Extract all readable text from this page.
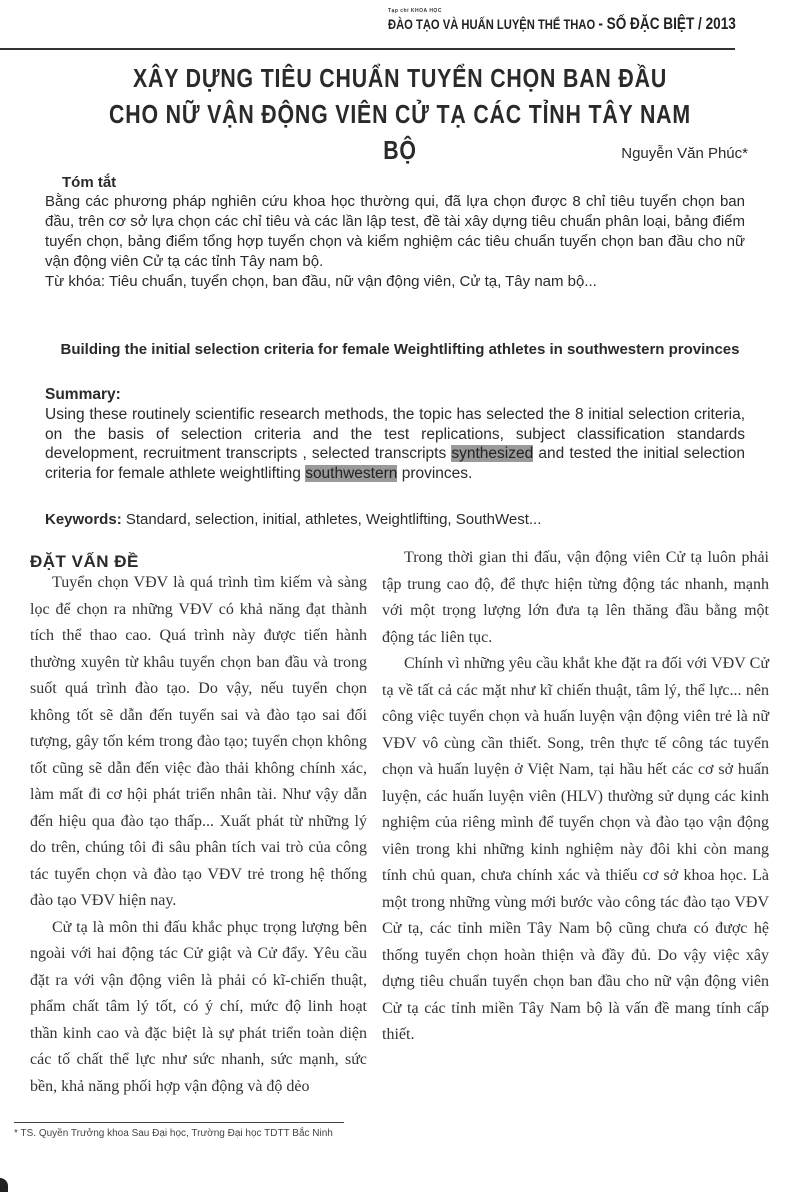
Tạp chí KHOA HỌC
ĐÀO TẠO VÀ HUẤN LUYỆN THỂ THAO - SỐ ĐẶC BIỆT / 2013
XÂY DỰNG TIÊU CHUẨN TUYỂN CHỌN BAN ĐẦU CHO NỮ VẬN ĐỘNG VIÊN CỬ TẠ CÁC TỈNH TÂY NAM BỘ	Nguyễn Văn Phúc*
Tóm tắt
Bằng các phương pháp nghiên cứu khoa học thường qui, đã lựa chọn được 8 chỉ tiêu tuyển chọn ban đầu, trên cơ sở lựa chọn các chỉ tiêu và các lần lập test, đề tài xây dựng tiêu chuẩn phân loại, bảng điểm tuyển chọn, bảng điểm tổng hợp tuyển chọn và kiểm nghiệm các tiêu chuẩn tuyển chọn ban đầu cho nữ vận động viên Cử tạ các tỉnh Tây nam bộ.
Từ khóa: Tiêu chuẩn, tuyển chọn, ban đầu, nữ vận động viên, Cử tạ, Tây nam bộ...
Building the initial selection criteria for female Weightlifting athletes in southwestern provinces
Summary:
Using these routinely scientific research methods, the topic has selected the 8 initial selection criteria, on the basis of selection criteria and the test replications, subject classification standards development, recruitment transcripts , selected transcripts synthesized and tested the initial selection criteria for female athlete weightlifting southwestern provinces.
Keywords: Standard, selection, initial, athletes, Weightlifting, SouthWest...
ĐẶT VẤN ĐỀ

Tuyển chọn VĐV là quá trình tìm kiếm và sàng lọc để chọn ra những VĐV có khả năng đạt thành tích thể thao cao. Quá trình này được tiến hành thường xuyên từ khâu tuyển chọn ban đầu và trong suốt quá trình đào tạo. Do vậy, nếu tuyển chọn không tốt sẽ dẫn đến tuyển sai và đào tạo sai đối tượng, gây tốn kém trong đào tạo; tuyển chọn không tốt cũng sẽ dẫn đến việc đào thải không chính xác, làm mất đi cơ hội phát triển nhân tài. Như vậy dẫn đến hiệu qua đào tạo thấp... Xuất phát từ những lý do trên, chúng tôi đi sâu phân tích vai trò của công tác tuyển chọn và đào tạo VĐV trẻ trong hệ thống đào tạo VĐV hiện nay.

Cử tạ là môn thi đấu khắc phục trọng lượng bên ngoài với hai động tác Cử giật và Cử đẩy. Yêu cầu đặt ra với vận động viên là phải có kĩ-chiến thuật, phẩm chất tâm lý tốt, có ý chí, mức độ linh hoạt thần kinh cao và đặc biệt là sự phát triển toàn diện các tố chất thể lực như sức nhanh, sức mạnh, sức bền, khả năng phối hợp vận động và độ dẻo

Trong thời gian thi đấu, vận động viên Cử tạ luôn phải tập trung cao độ, để thực hiện từng động tác nhanh, mạnh với một trọng lượng lớn đưa tạ lên thăng đầu bằng một động tác liên tục.

Chính vì những yêu cầu khắt khe đặt ra đối với VĐV Cử tạ về tất cả các mặt như kĩ chiến thuật, tâm lý, thể lực... nên công việc tuyển chọn và huấn luyện vận động viên trẻ là nữ VĐV vô cùng cần thiết. Song, trên thực tế công tác tuyển chọn và huấn luyện ở Việt Nam, tại hầu hết các cơ sở huấn luyện, các huấn luyện viên (HLV) thường sử dụng các kinh nghiệm của riêng mình để tuyển chọn và đào tạo vận động viên trong khi những kinh nghiệm này đôi khi còn mang tính chủ quan, chưa chính xác và thiếu cơ sở khoa học. Là một trong những vùng mới bước vào công tác đào tạo VĐV Cử tạ, các tỉnh miền Tây Nam bộ cũng chưa có được hệ thống tuyển chọn hoàn thiện và đầy đủ. Do vậy việc xây dựng tiêu chuẩn tuyển chọn ban đầu cho nữ vận động viên Cử tạ các tỉnh miền Tây Nam bộ là vấn đề mang tính cấp thiết.

* TS. Quyền Trưởng khoa Sau Đại học, Trường Đại học TDTT Bắc Ninh
